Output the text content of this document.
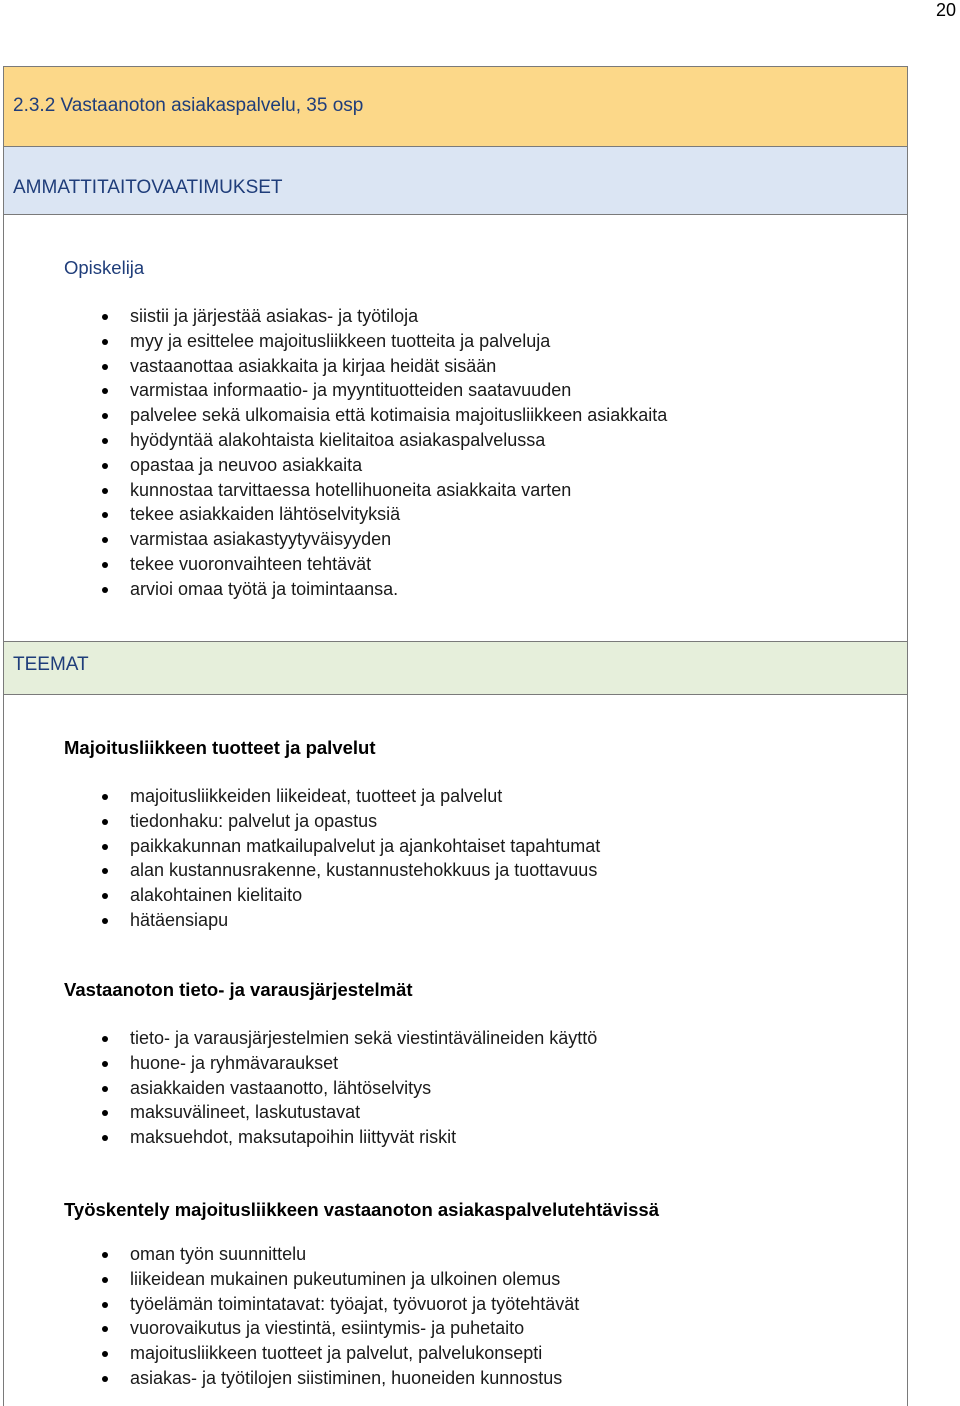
20
2.3.2 Vastaanoton asiakaspalvelu, 35 osp
AMMATTITAITOVAATIMUKSET
Opiskelija
siistii ja järjestää asiakas- ja työtiloja
myy ja esittelee majoitusliikkeen tuotteita ja palveluja
vastaanottaa asiakkaita ja kirjaa heidät sisään
varmistaa informaatio- ja myyntituotteiden saatavuuden
palvelee sekä ulkomaisia että kotimaisia majoitusliikkeen asiakkaita
hyödyntää alakohtaista kielitaitoa asiakaspalvelussa
opastaa ja neuvoo asiakkaita
kunnostaa tarvittaessa hotellihuoneita asiakkaita varten
tekee asiakkaiden lähtöselvityksiä
varmistaa asiakastyytyväisyyden
tekee vuoronvaihteen tehtävät
arvioi omaa työtä ja toimintaansa.
TEEMAT
Majoitusliikkeen tuotteet ja palvelut
majoitusliikkeiden liikeideat, tuotteet ja palvelut
tiedonhaku: palvelut ja opastus
paikkakunnan matkailupalvelut ja ajankohtaiset tapahtumat
alan kustannusrakenne, kustannustehokkuus ja tuottavuus
alakohtainen kielitaito
hätäensiapu
Vastaanoton tieto- ja varausjärjestelmät
tieto- ja varausjärjestelmien sekä viestintävälineiden käyttö
huone- ja ryhmävaraukset
asiakkaiden vastaanotto, lähtöselvitys
maksuvälineet, laskutustavat
maksuehdot, maksutapoihin liittyvät riskit
Työskentely majoitusliikkeen vastaanoton asiakaspalvelutehtävissä
oman työn suunnittelu
liikeidean mukainen pukeutuminen ja ulkoinen olemus
työelämän toimintatavat: työajat, työvuorot ja työtehtävät
vuorovaikutus ja viestintä, esiintymis- ja puhetaito
majoitusliikkeen tuotteet ja palvelut, palvelukonsepti
asiakas- ja työtilojen siistiminen, huoneiden kunnostus
